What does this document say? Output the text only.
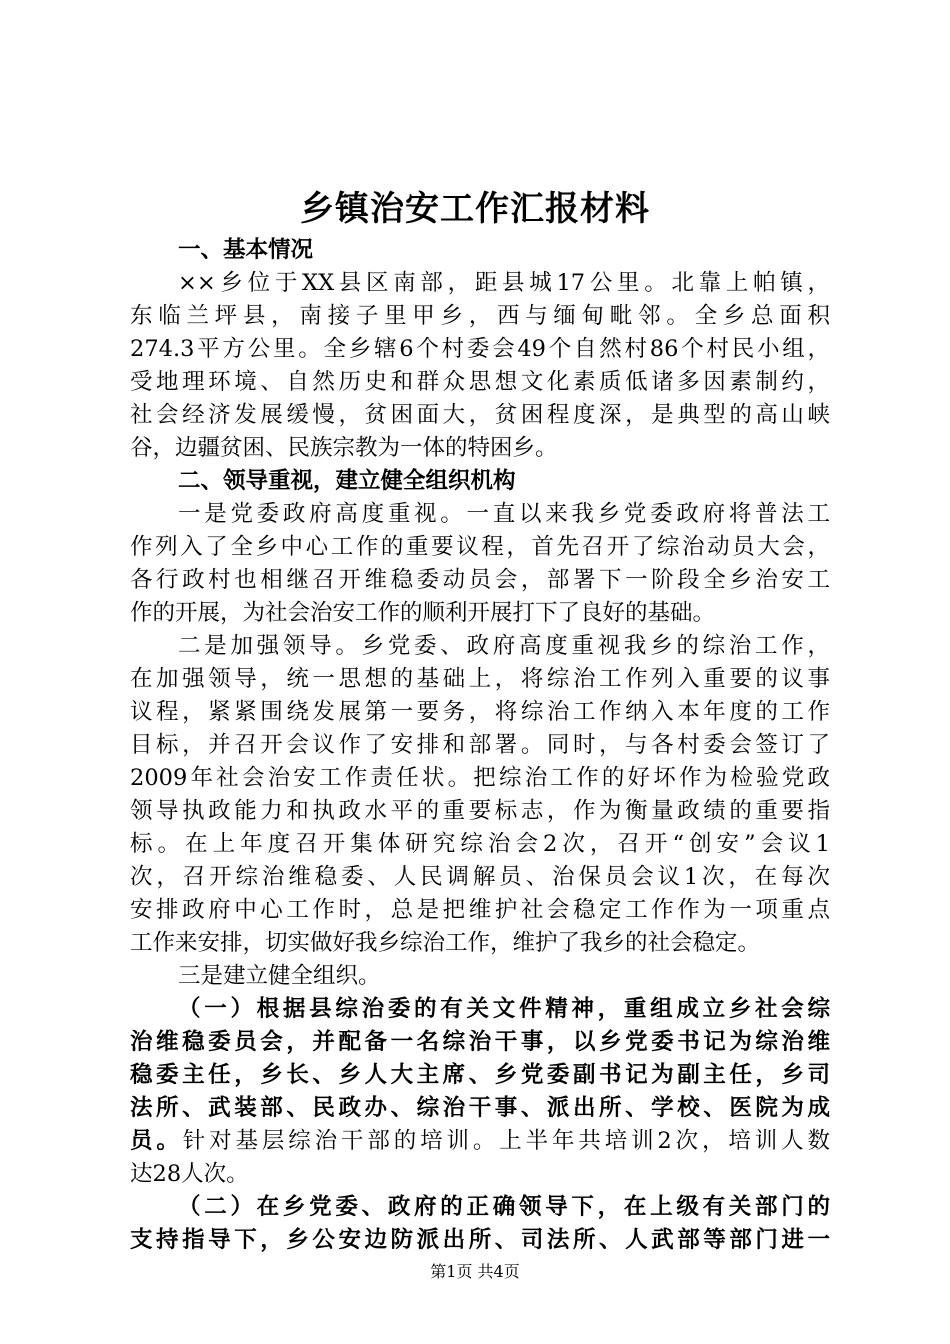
乡镇治安工作汇报材料
一、基本情况
××乡位于XX县区南部，距县城17公里。北靠上帕镇，
东临兰坪县，南接子里甲乡，西与缅甸毗邻。全乡总面积
274.3平方公里。全乡辖6个村委会49个自然村86个村民小组，
受地理环境、自然历史和群众思想文化素质低诸多因素制约，
社会经济发展缓慢，贫困面大，贫困程度深，是典型的高山峡
谷，边疆贫困、民族宗教为一体的特困乡。
二、领导重视，建立健全组织机构
一是党委政府高度重视。一直以来我乡党委政府将普法工
作列入了全乡中心工作的重要议程，首先召开了综治动员大会，
各行政村也相继召开维稳委动员会，部署下一阶段全乡治安工
作的开展，为社会治安工作的顺利开展打下了良好的基础。
二是加强领导。乡党委、政府高度重视我乡的综治工作，
在加强领导，统一思想的基础上，将综治工作列入重要的议事
议程，紧紧围绕发展第一要务，将综治工作纳入本年度的工作
目标，并召开会议作了安排和部署。同时，与各村委会签订了
2009年社会治安工作责任状。把综治工作的好坏作为检验党政
领导执政能力和执政水平的重要标志，作为衡量政绩的重要指
标。在上年度召开集体研究综治会2次，召开“创安”会议1
次，召开综治维稳委、人民调解员、治保员会议1次，在每次
安排政府中心工作时，总是把维护社会稳定工作作为一项重点
工作来安排，切实做好我乡综治工作，维护了我乡的社会稳定。
三是建立健全组织。
（一）根据县综治委的有关文件精神，重组成立乡社会综
治维稳委员会，并配备一名综治干事，以乡党委书记为综治维
稳委主任，乡长、乡人大主席、乡党委副书记为副主任，乡司
法所、武装部、民政办、综治干事、派出所、学校、医院为成
员。针对基层综治干部的培训。上半年共培训2次，培训人数
达28人次。
（二）在乡党委、政府的正确领导下，在上级有关部门的
支持指导下，乡公安边防派出所、司法所、人武部等部门进一
第1页 共4页
